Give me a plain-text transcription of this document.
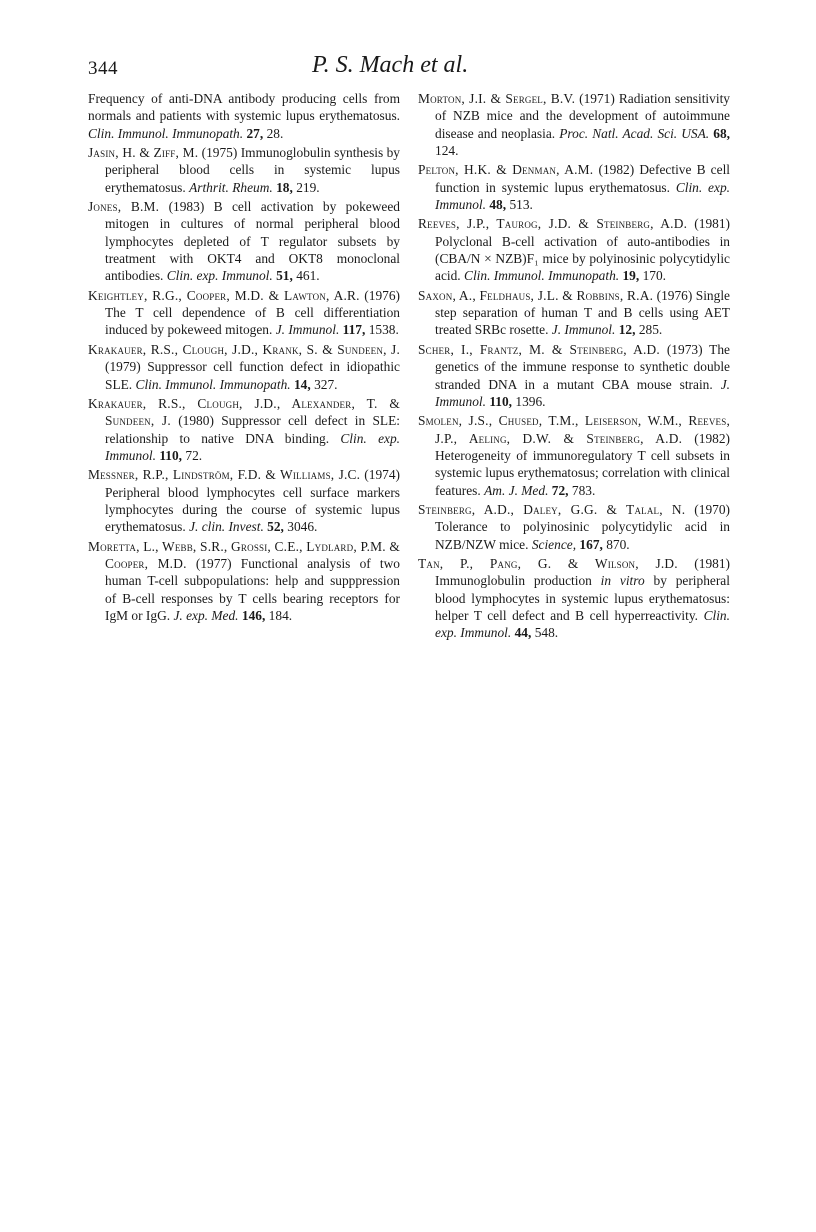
344	P. S. Mach et al.

Frequency of anti-DNA antibody producing cells from normals and patients with systemic lupus erythematosus. Clin. Immunol. Immunopath. 27, 28.

Jasin, H. & Ziff, M. (1975) Immunoglobulin synthesis by peripheral blood cells in systemic lupus erythematosus. Arthrit. Rheum. 18, 219.

Jones, B.M. (1983) B cell activation by pokeweed mitogen in cultures of normal peripheral blood lymphocytes depleted of T regulator subsets by treatment with OKT4 and OKT8 monoclonal antibodies. Clin. exp. Immunol. 51, 461.

Keightley, R.G., Cooper, M.D. & Lawton, A.R. (1976) The T cell dependence of B cell differentiation induced by pokeweed mitogen. J. Immunol. 117, 1538.

Krakauer, R.S., Clough, J.D., Krank, S. & Sundeen, J. (1979) Suppressor cell function defect in idiopathic SLE. Clin. Immunol. Immunopath. 14, 327.

Krakauer, R.S., Clough, J.D., Alexander, T. & Sundeen, J. (1980) Suppressor cell defect in SLE: relationship to native DNA binding. Clin. exp. Immunol. 110, 72.

Messner, R.P., Lindström, F.D. & Williams, J.C. (1974) Peripheral blood lymphocytes cell surface markers lymphocytes during the course of systemic lupus erythematosus. J. clin. Invest. 52, 3046.

Moretta, L., Webb, S.R., Grossi, C.E., Lydlard, P.M. & Cooper, M.D. (1977) Functional analysis of two human T-cell subpopulations: help and supppression of B-cell responses by T cells bearing receptors for IgM or IgG. J. exp. Med. 146, 184.

Morton, J.I. & Sergel, B.V. (1971) Radiation sensitivity of NZB mice and the development of autoimmune disease and neoplasia. Proc. Natl. Acad. Sci. USA. 68, 124.

Pelton, H.K. & Denman, A.M. (1982) Defective B cell function in systemic lupus erythematosus. Clin. exp. Immunol. 48, 513.

Reeves, J.P., Taurog, J.D. & Steinberg, A.D. (1981) Polyclonal B-cell activation of auto-antibodies in (CBA/N × NZB)F₁ mice by polyinosinic polycytidylic acid. Clin. Immunol. Immunopath. 19, 170.

Saxon, A., Feldhaus, J.L. & Robbins, R.A. (1976) Single step separation of human T and B cells using AET treated SRBc rosette. J. Immunol. 12, 285.

Scher, I., Frantz, M. & Steinberg, A.D. (1973) The genetics of the immune response to synthetic double stranded DNA in a mutant CBA mouse strain. J. Immunol. 110, 1396.

Smolen, J.S., Chused, T.M., Leiserson, W.M., Reeves, J.P., Aeling, D.W. & Steinberg, A.D. (1982) Heterogeneity of immunoregulatory T cell subsets in systemic lupus erythematosus; correlation with clinical features. Am. J. Med. 72, 783.

Steinberg, A.D., Daley, G.G. & Talal, N. (1970) Tolerance to polyinosinic polycytidylic acid in NZB/NZW mice. Science, 167, 870.

Tan, P., Pang, G. & Wilson, J.D. (1981) Immunoglobulin production in vitro by peripheral blood lymphocytes in systemic lupus erythematosus: helper T cell defect and B cell hyperreactivity. Clin. exp. Immunol. 44, 548.
